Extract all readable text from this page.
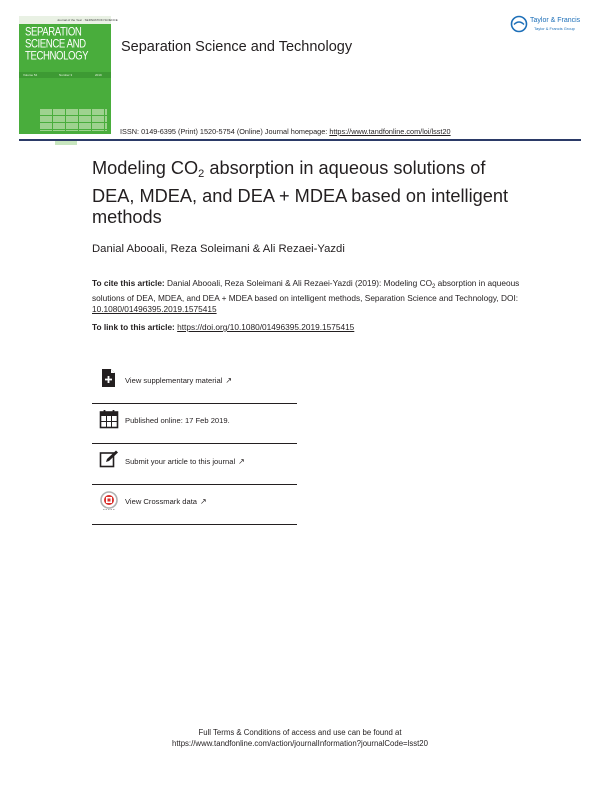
Journal of the Year · SEPARATION SCIENCE
SEPARATION SCIENCE AND TECHNOLOGY
Volume 54	Number 3	2019
Separation Science and Technology
Taylor & Francis
Taylor & Francis Group
ISSN: 0149-6395 (Print) 1520-5754 (Online) Journal homepage: https://www.tandfonline.com/loi/lsst20
Modeling $CO_2$ absorption in aqueous solutions of DEA, MDEA, and DEA + MDEA based on intelligent methods
Danial Abooali, Reza Soleimani & Ali Rezaei-Yazdi
To cite this article: Danial Abooali, Reza Soleimani & Ali Rezaei-Yazdi (2019): Modeling $CO_2$ absorption in aqueous solutions of DEA, MDEA, and DEA + MDEA based on intelligent methods, Separation Science and Technology, DOI: 10.1080/01496395.2019.1575415
To link to this article: https://doi.org/10.1080/01496395.2019.1575415
View supplementary material ↗
Published online: 17 Feb 2019.
Submit your article to this journal ↗
View Crossmark data ↗
Full Terms & Conditions of access and use can be found at
https://www.tandfonline.com/action/journalInformation?journalCode=lsst20
